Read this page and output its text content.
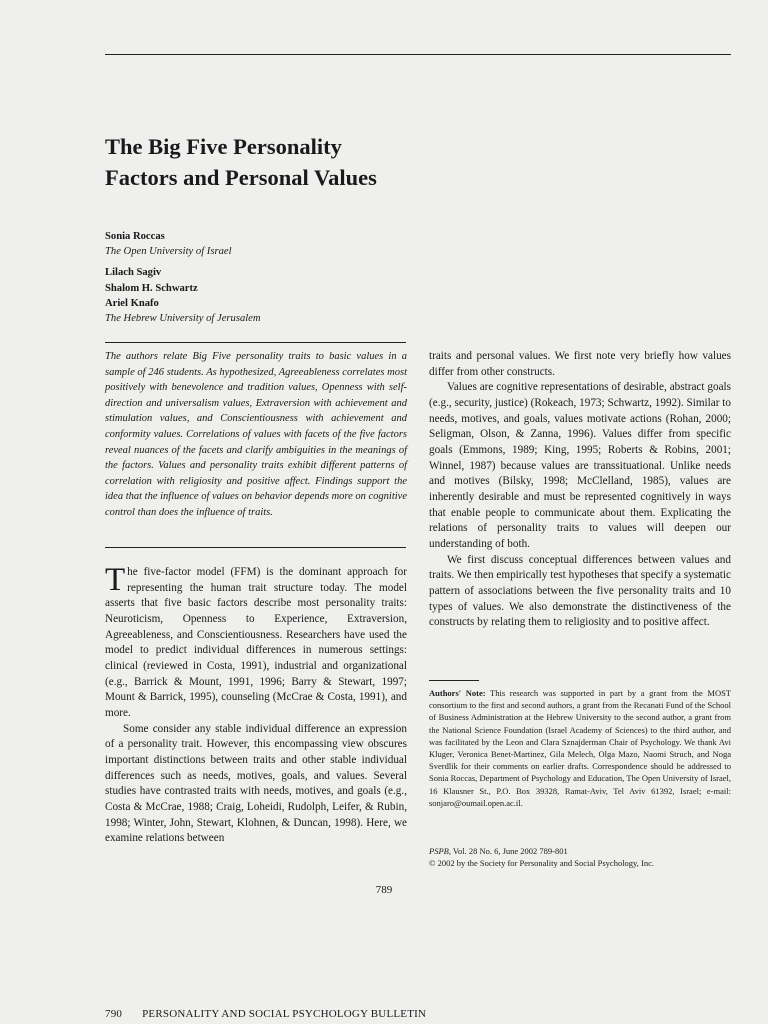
The Big Five Personality
Factors and Personal Values
Sonia Roccas
The Open University of Israel
Lilach Sagiv
Shalom H. Schwartz
Ariel Knafo
The Hebrew University of Jerusalem

The authors relate Big Five personality traits to basic values in a sample of 246 students. As hypothesized, Agreeableness correlates most positively with benevolence and tradition values, Openness with self-direction and universalism values, Extraversion with achievement and stimulation values, and Conscientiousness with achievement and conformity values. Correlations of values with facets of the five factors reveal nuances of the facets and clarify ambiguities in the meanings of the factors. Values and personality traits exhibit different patterns of correlation with religiosity and positive affect. Findings support the idea that the influence of values on behavior depends more on cognitive control than does the influence of traits.

The five-factor model (FFM) is the dominant approach for representing the human trait structure today. The model asserts that five basic factors describe most personality traits: Neuroticism, Openness to Experience, Extraversion, Agreeableness, and Conscientiousness. Researchers have used the model to predict individual differences in numerous settings: clinical (reviewed in Costa, 1991), industrial and organizational (e.g., Barrick & Mount, 1991, 1996; Barry & Stewart, 1997; Mount & Barrick, 1995), counseling (McCrae & Costa, 1991), and more.

Some consider any stable individual difference an expression of a personality trait. However, this encompassing view obscures important distinctions between traits and other stable individual differences such as needs, motives, goals, and values. Several studies have contrasted traits with needs, motives, and goals (e.g., Costa & McCrae, 1988; Craig, Loheidi, Rudolph, Leifer, & Rubin, 1998; Winter, John, Stewart, Klohnen, & Duncan, 1998). Here, we examine relations between

traits and personal values. We first note very briefly how values differ from other constructs.

Values are cognitive representations of desirable, abstract goals (e.g., security, justice) (Rokeach, 1973; Schwartz, 1992). Similar to needs, motives, and goals, values motivate actions (Rohan, 2000; Seligman, Olson, & Zanna, 1996). Values differ from specific goals (Emmons, 1989; King, 1995; Roberts & Robins, 2001; Winnel, 1987) because values are transsituational. Unlike needs and motives (Bilsky, 1998; McClelland, 1985), values are inherently desirable and must be represented cognitively in ways that enable people to communicate about them. Explicating the relations of personality traits to values will deepen our understanding of both.

We first discuss conceptual differences between values and traits. We then empirically test hypotheses that specify a systematic pattern of associations between the five personality traits and 10 types of values. We also demonstrate the distinctiveness of the constructs by relating them to religiosity and to positive affect.

Authors' Note: This research was supported in part by a grant from the MOST consortium to the first and second authors, a grant from the Recanati Fund of the School of Business Administration at the Hebrew University to the second author, a grant from the National Science Foundation (Israel Academy of Sciences) to the third author, and was facilitated by the Leon and Clara Sznajderman Chair of Psychology. We thank Avi Kluger, Veronica Benet-Martinez, Gila Melech, Olga Mazo, Naomi Struch, and Noga Sverdlik for their comments on earlier drafts. Correspondence should be addressed to Sonia Roccas, Department of Psychology and Education, The Open University of Israel, 16 Klausner St., P.O. Box 39328, Ramat-Aviv, Tel Aviv 61392, Israel; e-mail: sonjaro@oumail.open.ac.il.

PSPB, Vol. 28 No. 6, June 2002 789-801
© 2002 by the Society for Personality and Social Psychology, Inc.
789
790 PERSONALITY AND SOCIAL PSYCHOLOGY BULLETIN
